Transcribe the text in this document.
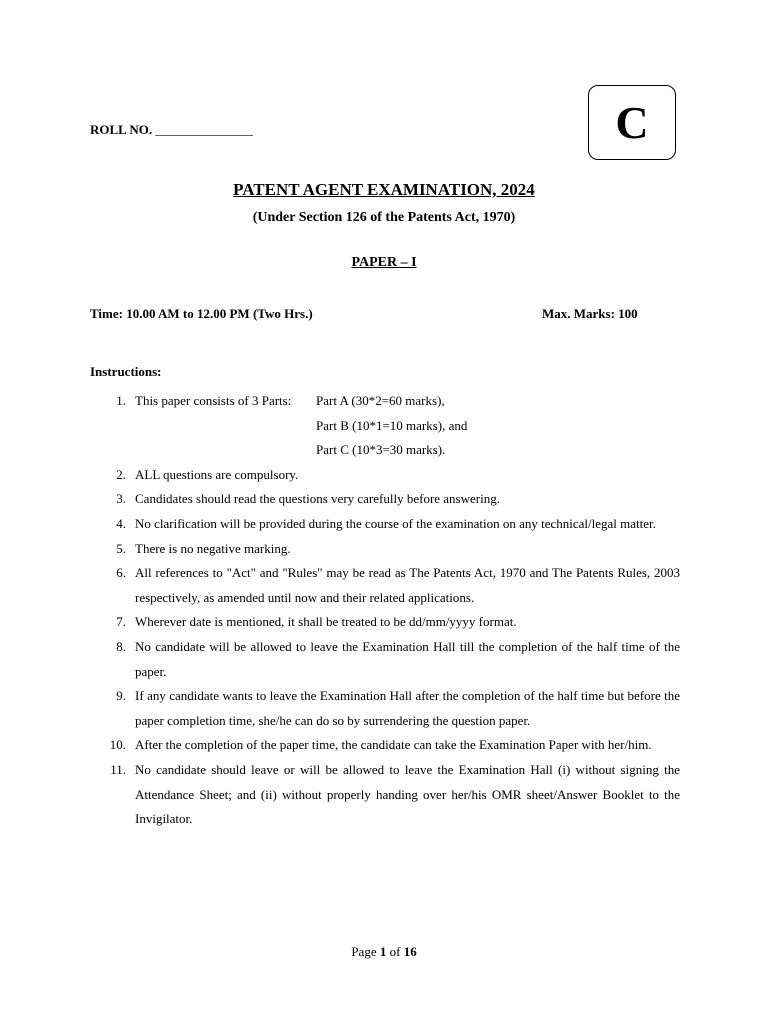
ROLL NO. _______________	C
PATENT AGENT EXAMINATION, 2024
(Under Section 126 of the Patents Act, 1970)
PAPER – I
Time: 10.00 AM to 12.00 PM (Two Hrs.)	Max. Marks: 100
Instructions:
1. This paper consists of 3 Parts:	Part A (30*2=60 marks),
Part B (10*1=10 marks), and
Part C (10*3=30 marks).
2. ALL questions are compulsory.
3. Candidates should read the questions very carefully before answering.
4. No clarification will be provided during the course of the examination on any technical/legal matter.
5. There is no negative marking.
6. All references to "Act" and "Rules" may be read as The Patents Act, 1970 and The Patents Rules, 2003 respectively, as amended until now and their related applications.
7. Wherever date is mentioned, it shall be treated to be dd/mm/yyyy format.
8. No candidate will be allowed to leave the Examination Hall till the completion of the half time of the paper.
9. If any candidate wants to leave the Examination Hall after the completion of the half time but before the paper completion time, she/he can do so by surrendering the question paper.
10. After the completion of the paper time, the candidate can take the Examination Paper with her/him.
11. No candidate should leave or will be allowed to leave the Examination Hall (i) without signing the Attendance Sheet; and (ii) without properly handing over her/his OMR sheet/Answer Booklet to the Invigilator.
Page 1 of 16
